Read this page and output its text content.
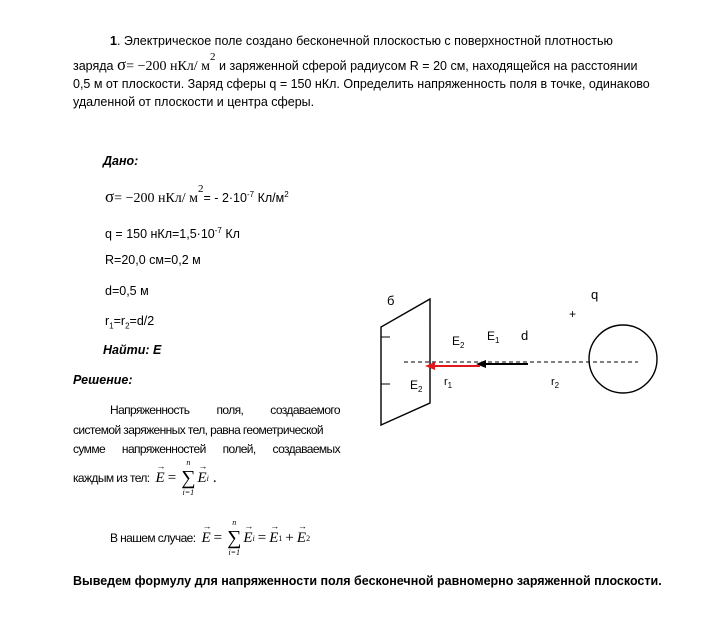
1. Электрическое поле создано бесконечной плоскостью с поверхностной плотностью
заряда σ= −200 нКл/ $м^2$ и заряженной сферой радиусом R = 20 см, находящейся на расстоянии
0,5 м от плоскости. Заряд сферы q = 150 нКл. Определить напряженность поля в точке, одинаково
удаленной от плоскости и центра сферы.
Дано:
σ= −200 нКл/ $м^2= - 2\cdot 10^{-7}$ $Кл/м^2$
q = 150 $нКл=1,5\cdot 10^{-7}$ Кл
R=20,0 см=0,2 м
d=0,5 м
$r_1=r_2=d/2$
Найти: E
Решение:
Напряженность поля, создаваемого
системой заряженных тел, равна геометрической
сумме напряженностей полей, создаваемых
каждым из тел: → E =
n
∑
i=1
→ E i .
В нашем случае: → E =
n
∑
i=1
→ E i = → E 1 + → E 2
Выведем формулу для напряженности поля бесконечной равномерно заряженной плоскости.
б	q
+
$E_2$
$E_1$ d
$E_2$
$r_1$	$r_2$
